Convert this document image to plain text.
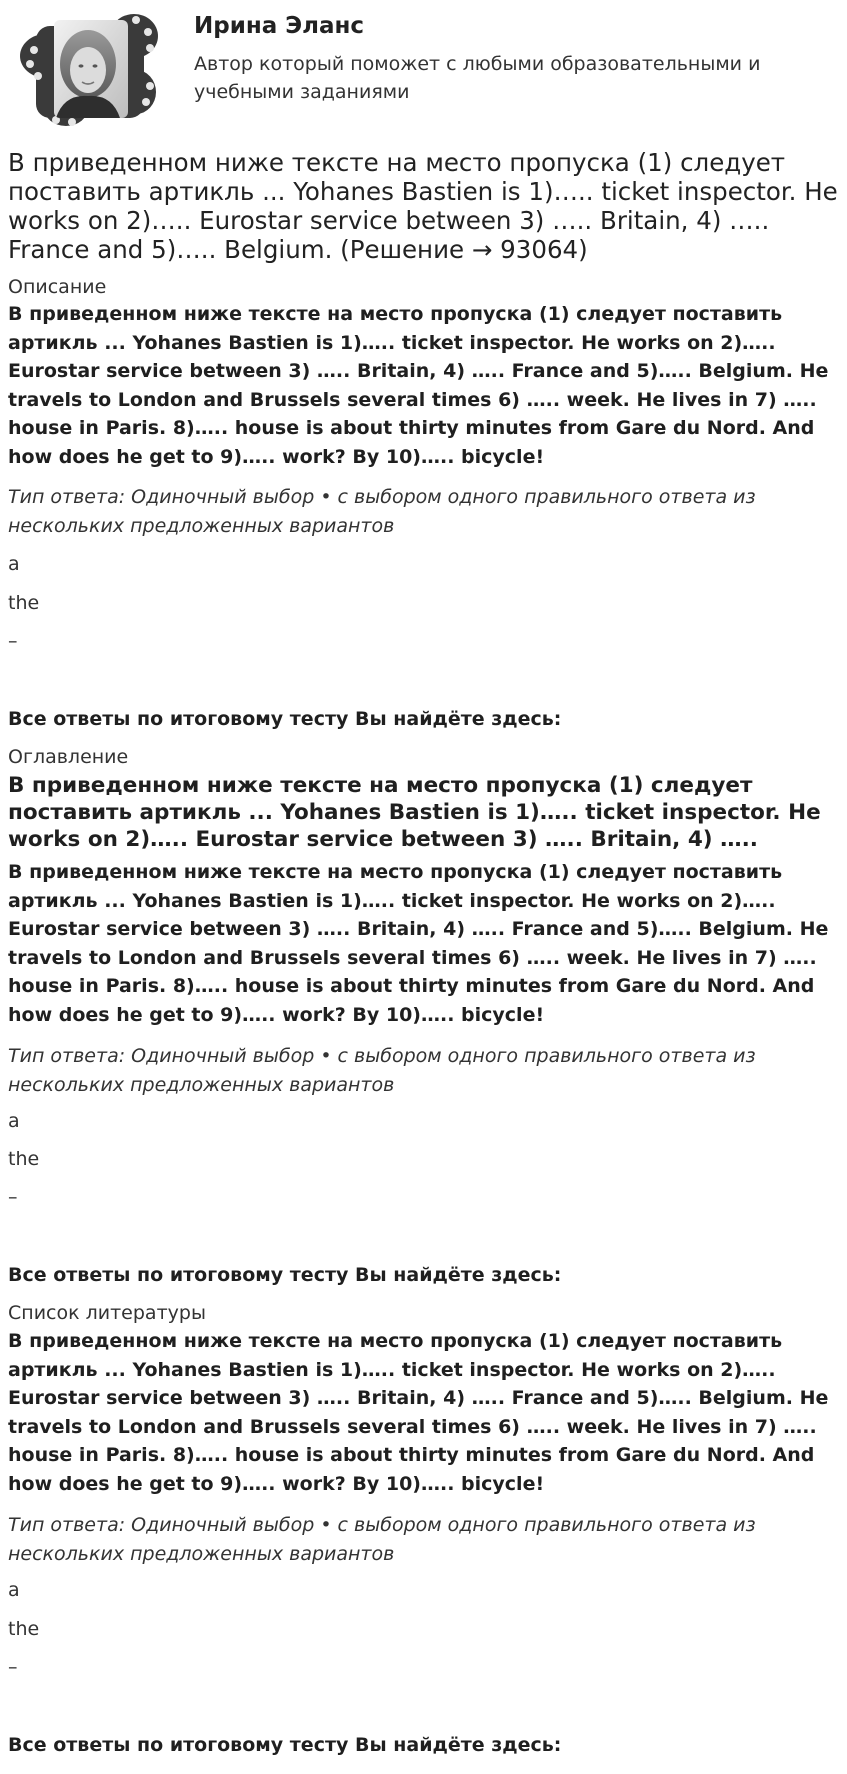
Ирина Эланс

Автор который поможет с любыми образовательными и учебными заданиями

В приведенном ниже тексте на место пропуска (1) следует поставить артикль ... Yohanes Bastien is 1)….. ticket inspector. He works on 2)….. Eurostar service between 3) ….. Britain, 4) ….. France and 5)….. Belgium. (Решение → 93064)

Описание

В приведенном ниже тексте на место пропуска (1) следует поставить артикль ... Yohanes Bastien is 1)….. ticket inspector. He works on 2)….. Eurostar service between 3) ….. Britain, 4) ….. France and 5)….. Belgium. He travels to London and Brussels several times 6) ….. week. He lives in 7) ….. house in Paris. 8)….. house is about thirty minutes from Gare du Nord. And how does he get to 9)….. work? By 10)….. bicycle!

Тип ответа: Одиночный выбор • с выбором одного правильного ответа из нескольких предложенных вариантов

a

the

–

Все ответы по итоговому тесту Вы найдёте здесь:

Оглавление

В приведенном ниже тексте на место пропуска (1) следует поставить артикль ... Yohanes Bastien is 1)….. ticket inspector. He works on 2)….. Eurostar service between 3) ….. Britain, 4) …..

В приведенном ниже тексте на место пропуска (1) следует поставить артикль ... Yohanes Bastien is 1)….. ticket inspector. He works on 2)….. Eurostar service between 3) ….. Britain, 4) ….. France and 5)….. Belgium. He travels to London and Brussels several times 6) ….. week. He lives in 7) ….. house in Paris. 8)….. house is about thirty minutes from Gare du Nord. And how does he get to 9)….. work? By 10)….. bicycle!

Тип ответа: Одиночный выбор • с выбором одного правильного ответа из нескольких предложенных вариантов

a

the

–

Все ответы по итоговому тесту Вы найдёте здесь:

Список литературы

В приведенном ниже тексте на место пропуска (1) следует поставить артикль ... Yohanes Bastien is 1)….. ticket inspector. He works on 2)….. Eurostar service between 3) ….. Britain, 4) ….. France and 5)….. Belgium. He travels to London and Brussels several times 6) ….. week. He lives in 7) ….. house in Paris. 8)….. house is about thirty minutes from Gare du Nord. And how does he get to 9)….. work? By 10)….. bicycle!

Тип ответа: Одиночный выбор • с выбором одного правильного ответа из нескольких предложенных вариантов

a

the

–

Все ответы по итоговому тесту Вы найдёте здесь:
